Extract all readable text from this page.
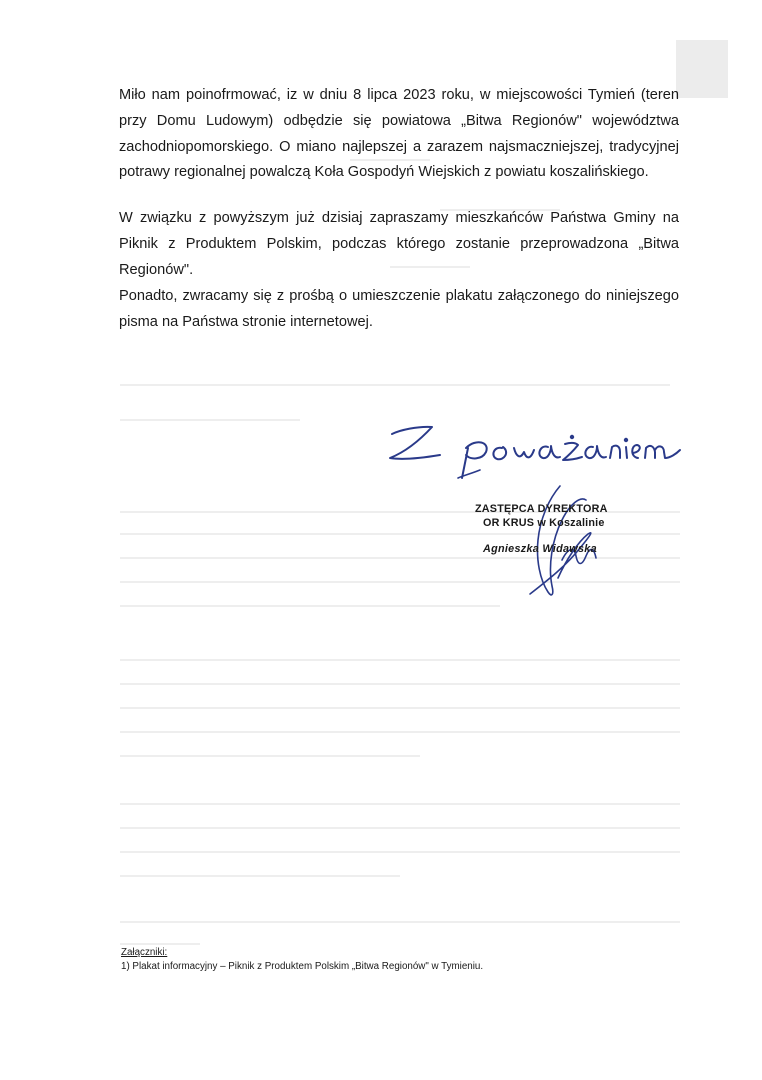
Miło nam poinofrmować, iz w dniu 8 lipca 2023 roku, w miejscowości Tymień (teren przy Domu Ludowym) odbędzie się powiatowa „Bitwa Regionów" województwa zachodniopomorskiego. O miano najlepszej a zarazem najsmaczniejszej, tradycyjnej potrawy regionalnej powalczą Koła Gospodyń Wiejskich z powiatu koszalińskiego.

W związku z powyższym już dzisiaj zapraszamy mieszkańców Państwa Gminy na Piknik z Produktem Polskim, podczas którego zostanie przeprowadzona „Bitwa Regionów".

Ponadto, zwracamy się z prośbą o umieszczenie plakatu załączonego do niniejszego pisma na Państwa stronie internetowej.

ZASTĘPCA DYREKTORA
OR KRUS w Koszalinie
Agnieszka Widawska
Załączniki:
1) Plakat informacyjny – Piknik z Produktem Polskim „Bitwa Regionów" w Tymieniu.
